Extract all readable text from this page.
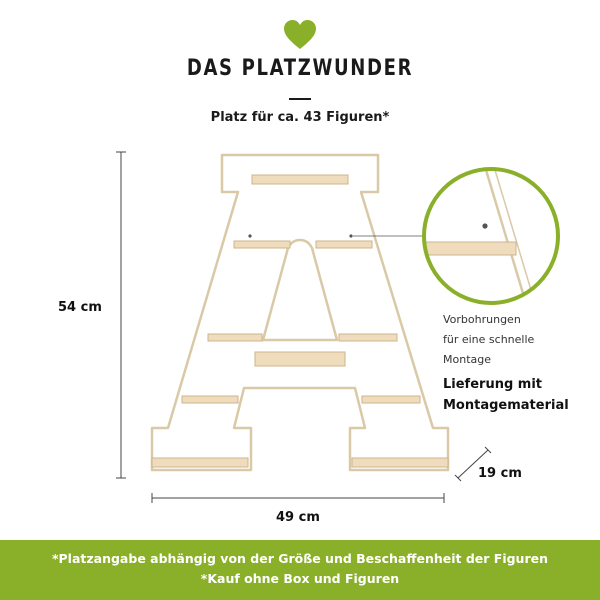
DAS PLATZWUNDER
Platz für ca. 43 Figuren*
54 cm
49 cm
19 cm
Vorbohrungen
für eine schnelle
Montage
Lieferung mit
Montagematerial
*Platzangabe abhängig von der Größe und Beschaffenheit der Figuren
*Kauf ohne Box und Figuren
